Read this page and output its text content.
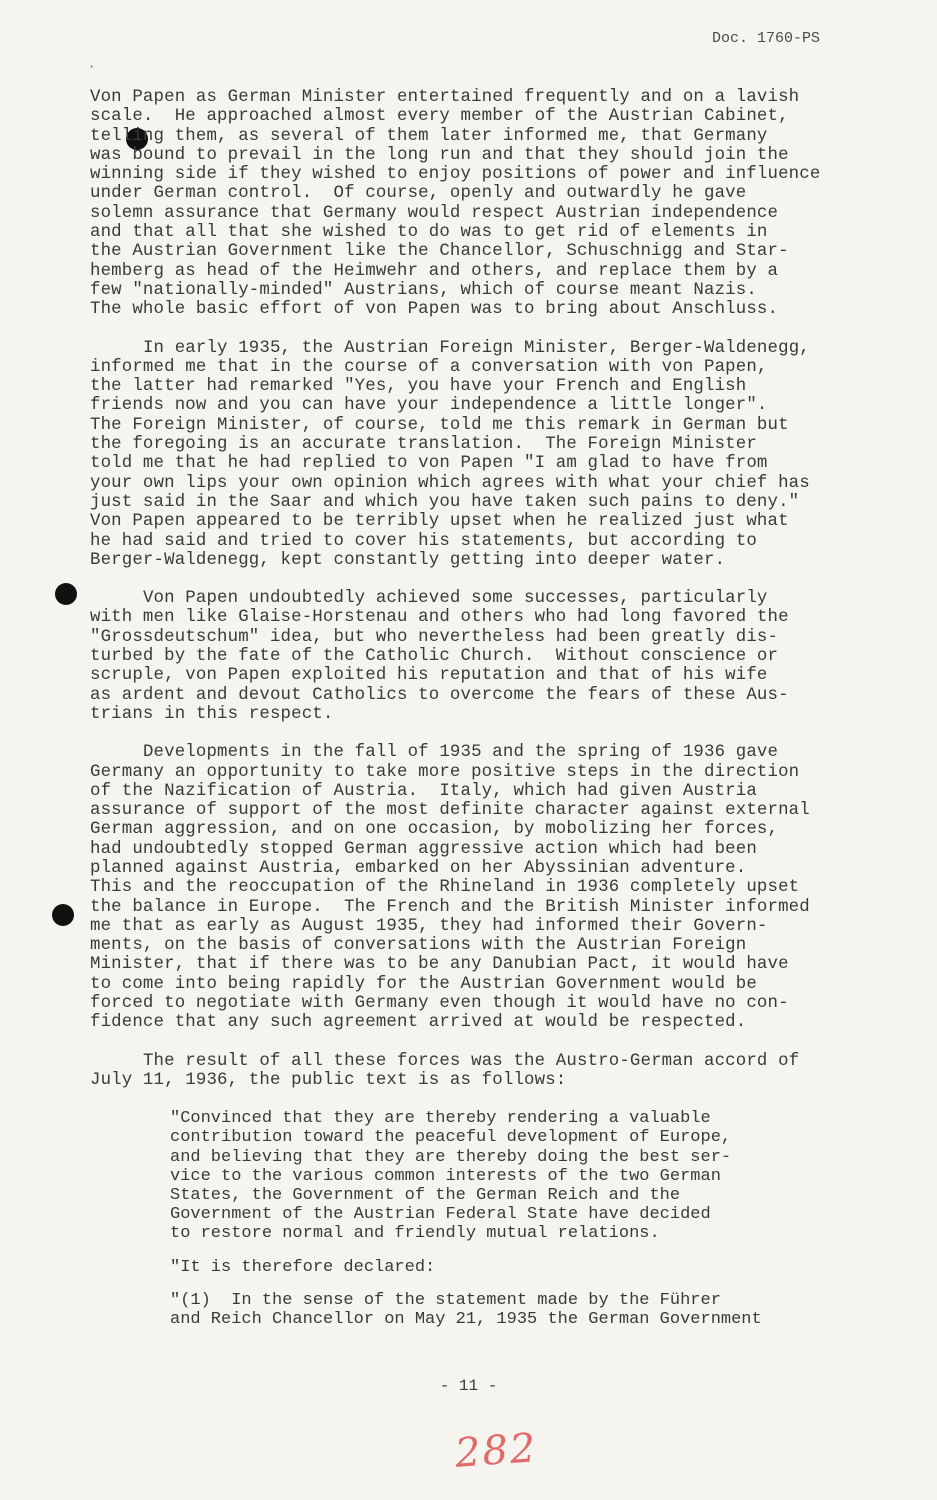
Doc. 1760-PS
·

Von Papen as German Minister entertained frequently and on a lavish
scale.  He approached almost every member of the Austrian Cabinet,
telling them, as several of them later informed me, that Germany
was bound to prevail in the long run and that they should join the
winning side if they wished to enjoy positions of power and influence
under German control.  Of course, openly and outwardly he gave
solemn assurance that Germany would respect Austrian independence
and that all that she wished to do was to get rid of elements in
the Austrian Government like the Chancellor, Schuschnigg and Star-
hemberg as head of the Heimwehr and others, and replace them by a
few "nationally-minded" Austrians, which of course meant Nazis.
The whole basic effort of von Papen was to bring about Anschluss.

In early 1935, the Austrian Foreign Minister, Berger-Waldenegg,
informed me that in the course of a conversation with von Papen,
the latter had remarked "Yes, you have your French and English
friends now and you can have your independence a little longer".
The Foreign Minister, of course, told me this remark in German but
the foregoing is an accurate translation.  The Foreign Minister
told me that he had replied to von Papen "I am glad to have from
your own lips your own opinion which agrees with what your chief has
just said in the Saar and which you have taken such pains to deny."
Von Papen appeared to be terribly upset when he realized just what
he had said and tried to cover his statements, but according to
Berger-Waldenegg, kept constantly getting into deeper water.

Von Papen undoubtedly achieved some successes, particularly
with men like Glaise-Horstenau and others who had long favored the
"Grossdeutschum" idea, but who nevertheless had been greatly dis-
turbed by the fate of the Catholic Church.  Without conscience or
scruple, von Papen exploited his reputation and that of his wife
as ardent and devout Catholics to overcome the fears of these Aus-
trians in this respect.

Developments in the fall of 1935 and the spring of 1936 gave
Germany an opportunity to take more positive steps in the direction
of the Nazification of Austria.  Italy, which had given Austria
assurance of support of the most definite character against external
German aggression, and on one occasion, by mobolizing her forces,
had undoubtedly stopped German aggressive action which had been
planned against Austria, embarked on her Abyssinian adventure.
This and the reoccupation of the Rhineland in 1936 completely upset
the balance in Europe.  The French and the British Minister informed
me that as early as August 1935, they had informed their Govern-
ments, on the basis of conversations with the Austrian Foreign
Minister, that if there was to be any Danubian Pact, it would have
to come into being rapidly for the Austrian Government would be
forced to negotiate with Germany even though it would have no con-
fidence that any such agreement arrived at would be respected.

The result of all these forces was the Austro-German accord of
July 11, 1936, the public text is as follows:

"Convinced that they are thereby rendering a valuable
contribution toward the peaceful development of Europe,
and believing that they are thereby doing the best ser-
vice to the various common interests of the two German
States, the Government of the German Reich and the
Government of the Austrian Federal State have decided
to restore normal and friendly mutual relations.

"It is therefore declared:

"(1)  In the sense of the statement made by the Führer
and Reich Chancellor on May 21, 1935 the German Government

- 11 -
282
